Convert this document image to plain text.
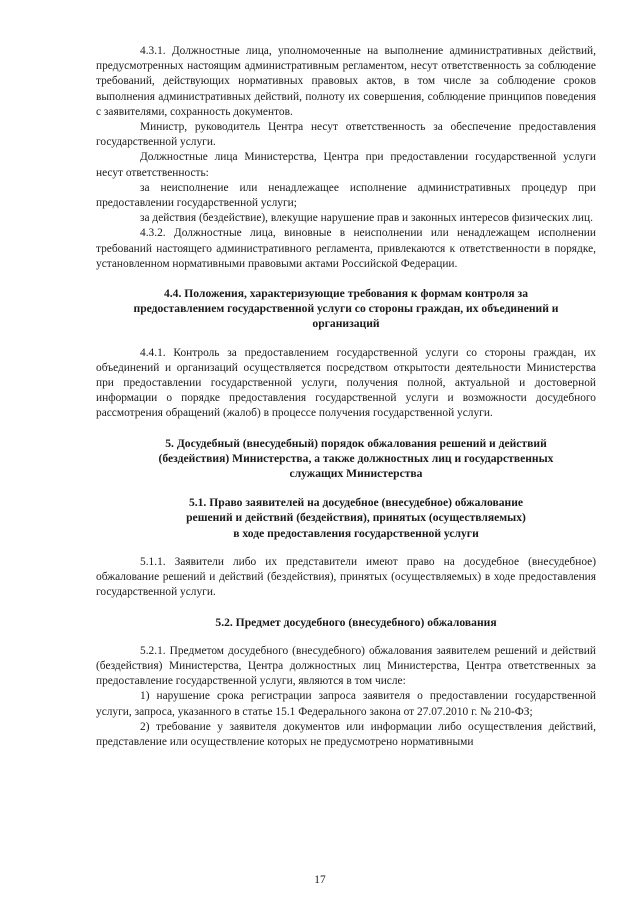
4.3.1. Должностные лица, уполномоченные на выполнение административных действий, предусмотренных настоящим административным регламентом, несут ответственность за соблюдение требований, действующих нормативных правовых актов, в том числе за соблюдение сроков выполнения административных действий, полноту их совершения, соблюдение принципов поведения с заявителями, сохранность документов.

Министр, руководитель Центра несут ответственность за обеспечение предоставления государственной услуги.

Должностные лица Министерства, Центра при предоставлении государственной услуги несут ответственность:

за неисполнение или ненадлежащее исполнение административных процедур при предоставлении государственной услуги;

за действия (бездействие), влекущие нарушение прав и законных интересов физических лиц.

4.3.2. Должностные лица, виновные в неисполнении или ненадлежащем исполнении требований настоящего административного регламента, привлекаются к ответственности в порядке, установленном нормативными правовыми актами Российской Федерации.

4.4. Положения, характеризующие требования к формам контроля за
предоставлением государственной услуги со стороны граждан, их объединений и
организаций

4.4.1. Контроль за предоставлением государственной услуги со стороны граждан, их объединений и организаций осуществляется посредством открытости деятельности Министерства при предоставлении государственной услуги, получения полной, актуальной и достоверной информации о порядке предоставления государственной услуги и возможности досудебного рассмотрения обращений (жалоб) в процессе получения государственной услуги.

5. Досудебный (внесудебный) порядок обжалования решений и действий
(бездействия) Министерства, а также должностных лиц и государственных
служащих Министерства
5.1. Право заявителей на досудебное (внесудебное) обжалование
решений и действий (бездействия), принятых (осуществляемых)
в ходе предоставления государственной услуги

5.1.1. Заявители либо их представители имеют право на досудебное (внесудебное) обжалование решений и действий (бездействия), принятых (осуществляемых) в ходе предоставления государственной услуги.

5.2. Предмет досудебного (внесудебного) обжалования

5.2.1. Предметом досудебного (внесудебного) обжалования заявителем решений и действий (бездействия) Министерства, Центра должностных лиц Министерства, Центра ответственных за предоставление государственной услуги, являются в том числе:

1) нарушение срока регистрации запроса заявителя о предоставлении государственной услуги, запроса, указанного в статье 15.1 Федерального закона от 27.07.2010 г. № 210-ФЗ;

2) требование у заявителя документов или информации либо осуществления действий, представление или осуществление которых не предусмотрено нормативными

17
